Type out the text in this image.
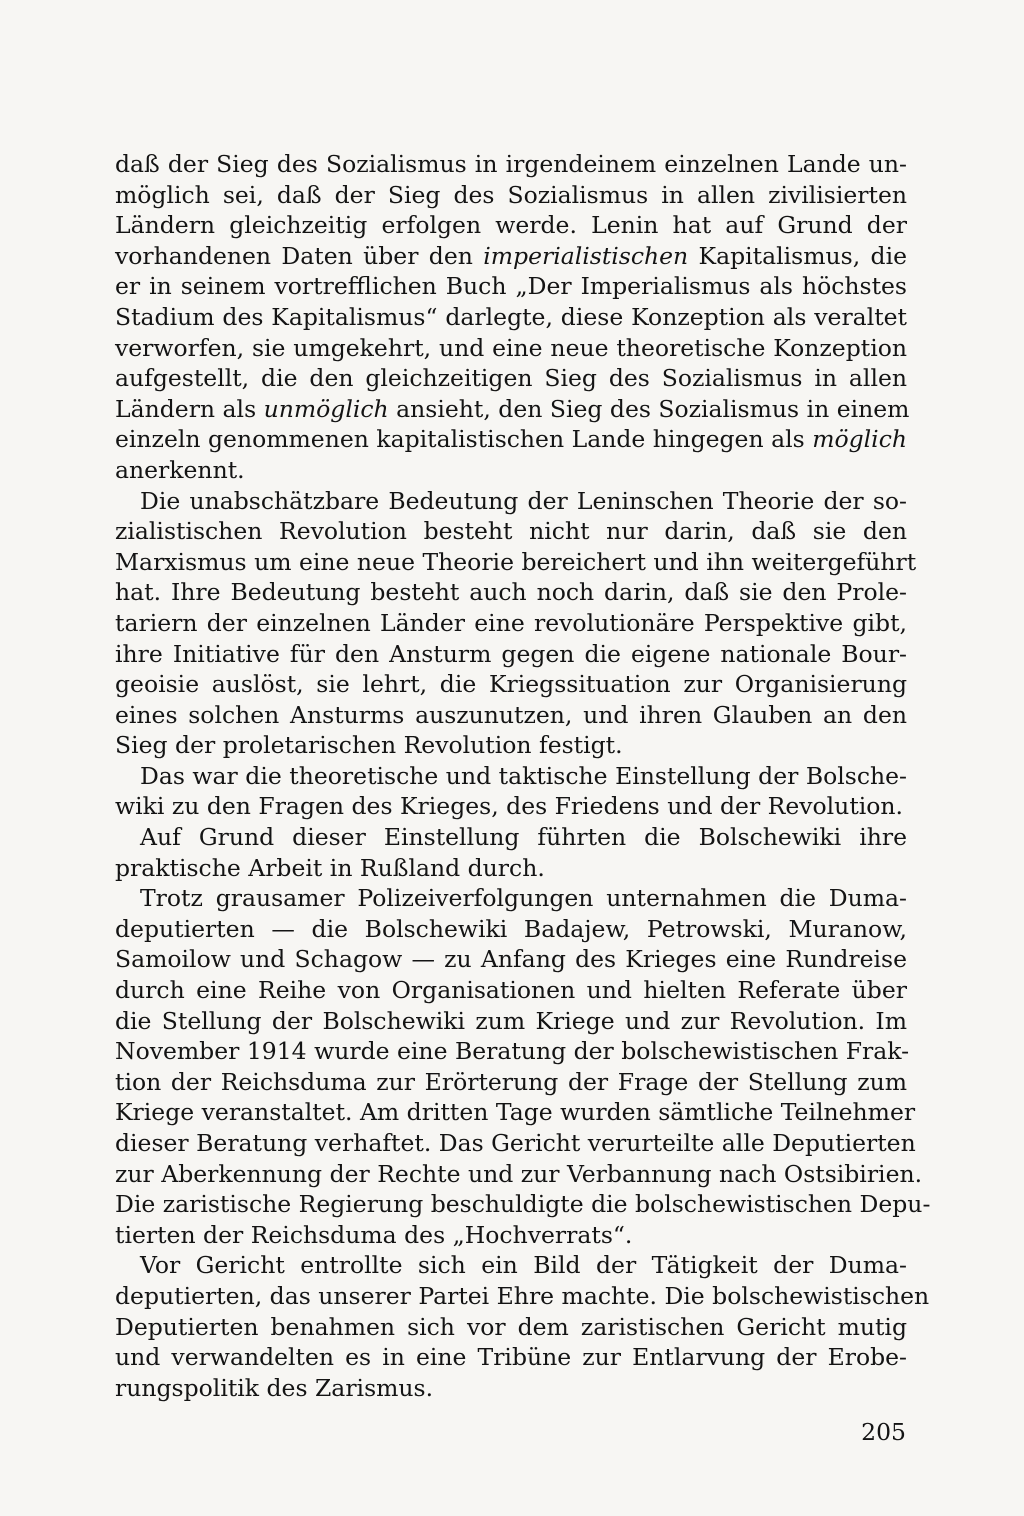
daß der Sieg des Sozialismus in irgendeinem einzelnen Lande un-
möglich sei, daß der Sieg des Sozialismus in allen zivilisierten
Ländern gleichzeitig erfolgen werde. Lenin hat auf Grund der
vorhandenen Daten über den imperialistischen Kapitalismus, die
er in seinem vortrefflichen Buch „Der Imperialismus als höchstes
Stadium des Kapitalismus“ darlegte, diese Konzeption als veraltet
verworfen, sie umgekehrt, und eine neue theoretische Konzeption
aufgestellt, die den gleichzeitigen Sieg des Sozialismus in allen
Ländern als unmöglich ansieht, den Sieg des Sozialismus in einem
einzeln genommenen kapitalistischen Lande hingegen als möglich
anerkennt.
Die unabschätzbare Bedeutung der Leninschen Theorie der so-
zialistischen Revolution besteht nicht nur darin, daß sie den
Marxismus um eine neue Theorie bereichert und ihn weitergeführt
hat. Ihre Bedeutung besteht auch noch darin, daß sie den Prole-
tariern der einzelnen Länder eine revolutionäre Perspektive gibt,
ihre Initiative für den Ansturm gegen die eigene nationale Bour-
geoisie auslöst, sie lehrt, die Kriegssituation zur Organisierung
eines solchen Ansturms auszunutzen, und ihren Glauben an den
Sieg der proletarischen Revolution festigt.
Das war die theoretische und taktische Einstellung der Bolsche-
wiki zu den Fragen des Krieges, des Friedens und der Revolution.
Auf Grund dieser Einstellung führten die Bolschewiki ihre
praktische Arbeit in Rußland durch.
Trotz grausamer Polizeiverfolgungen unternahmen die Duma-
deputierten — die Bolschewiki Badajew, Petrowski, Muranow,
Samoilow und Schagow — zu Anfang des Krieges eine Rundreise
durch eine Reihe von Organisationen und hielten Referate über
die Stellung der Bolschewiki zum Kriege und zur Revolution. Im
November 1914 wurde eine Beratung der bolschewistischen Frak-
tion der Reichsduma zur Erörterung der Frage der Stellung zum
Kriege veranstaltet. Am dritten Tage wurden sämtliche Teilnehmer
dieser Beratung verhaftet. Das Gericht verurteilte alle Deputierten
zur Aberkennung der Rechte und zur Verbannung nach Ostsibirien.
Die zaristische Regierung beschuldigte die bolschewistischen Depu-
tierten der Reichsduma des „Hochverrats“.
Vor Gericht entrollte sich ein Bild der Tätigkeit der Duma-
deputierten, das unserer Partei Ehre machte. Die bolschewistischen
Deputierten benahmen sich vor dem zaristischen Gericht mutig
und verwandelten es in eine Tribüne zur Entlarvung der Erobe-
rungspolitik des Zarismus.
205
